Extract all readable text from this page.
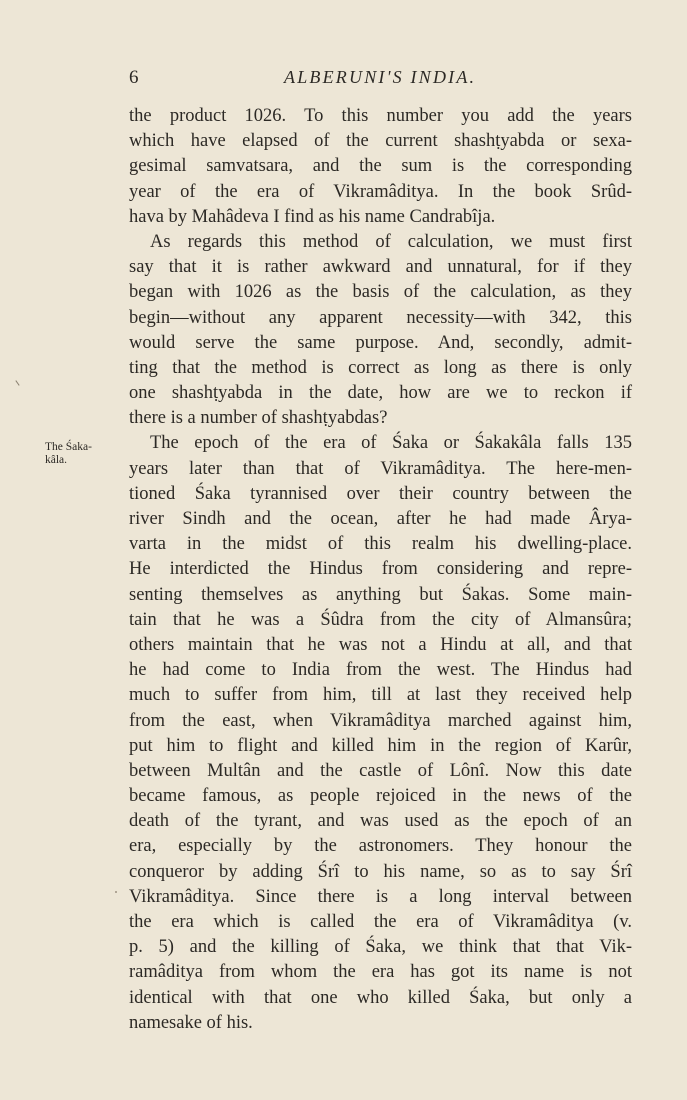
6	ALBERUNI'S INDIA.
The Śaka-
kâla.
the product 1026. To this number you add the years
which have elapsed of the current shashṭyabda or sexa-
gesimal samvatsara, and the sum is the corresponding
year of the era of Vikramâditya. In the book Srûd-
hava by Mahâdeva I find as his name Candrabîja.
As regards this method of calculation, we must first
say that it is rather awkward and unnatural, for if they
began with 1026 as the basis of the calculation, as they
begin—without any apparent necessity—with 342, this
would serve the same purpose. And, secondly, admit-
ting that the method is correct as long as there is only
one shashṭyabda in the date, how are we to reckon if
there is a number of shashṭyabdas?
The epoch of the era of Śaka or Śakakâla falls 135
years later than that of Vikramâditya. The here-men-
tioned Śaka tyrannised over their country between the
river Sindh and the ocean, after he had made Ârya-
varta in the midst of this realm his dwelling-place.
He interdicted the Hindus from considering and repre-
senting themselves as anything but Śakas. Some main-
tain that he was a Śûdra from the city of Almansûra;
others maintain that he was not a Hindu at all, and that
he had come to India from the west. The Hindus had
much to suffer from him, till at last they received help
from the east, when Vikramâditya marched against him,
put him to flight and killed him in the region of Karûr,
between Multân and the castle of Lônî. Now this date
became famous, as people rejoiced in the news of the
death of the tyrant, and was used as the epoch of an
era, especially by the astronomers. They honour the
conqueror by adding Śrî to his name, so as to say Śrî
Vikramâditya. Since there is a long interval between
the era which is called the era of Vikramâditya (v.
p. 5) and the killing of Śaka, we think that that Vik-
ramâditya from whom the era has got its name is not
identical with that one who killed Śaka, but only a
namesake of his.
